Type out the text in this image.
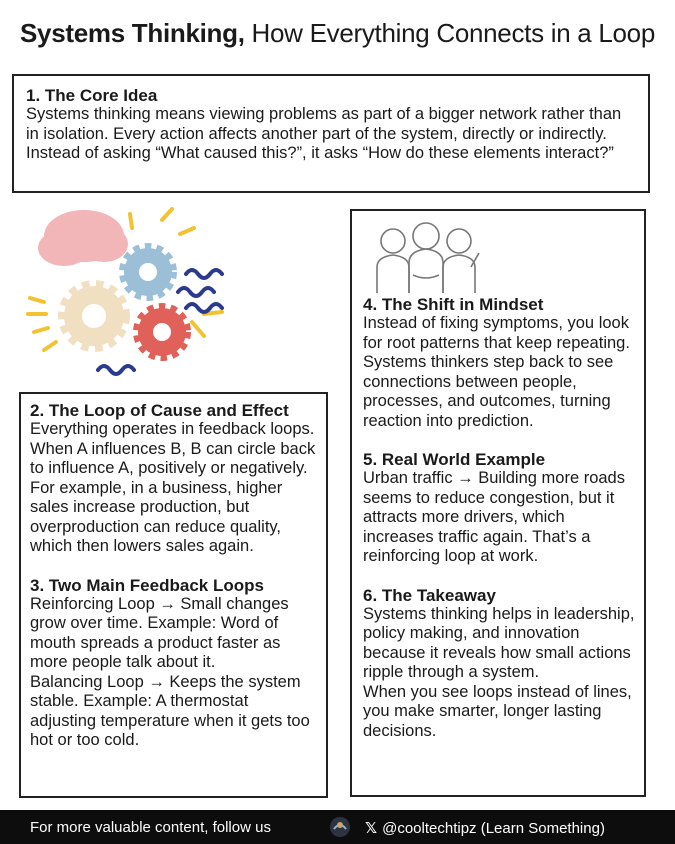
Systems Thinking, How Everything Connects in a Loop
1. The Core Idea

Systems thinking means viewing problems as part of a bigger network rather than in isolation. Every action affects another part of the system, directly or indirectly. Instead of asking “What caused this?”, it asks “How do these elements interact?”

2. The Loop of Cause and Effect

Everything operates in feedback loops.

When A influences B, B can circle back to influence A, positively or negatively. For example, in a business, higher sales increase production, but overproduction can reduce quality, which then lowers sales again.

3. Two Main Feedback Loops

Reinforcing Loop → Small changes grow over time. Example: Word of mouth spreads a product faster as more people talk about it.

Balancing Loop → Keeps the system stable. Example: A thermostat adjusting temperature when it gets too hot or too cold.

4. The Shift in Mindset

Instead of fixing symptoms, you look for root patterns that keep repeating. Systems thinkers step back to see connections between people, processes, and outcomes, turning reaction into prediction.

5. Real World Example

Urban traffic → Building more roads seems to reduce congestion, but it attracts more drivers, which increases traffic again. That’s a reinforcing loop at work.

6. The Takeaway

Systems thinking helps in leadership, policy making, and innovation because it reveals how small actions ripple through a system.

When you see loops instead of lines, you make smarter, longer lasting decisions.

For more valuable content, follow us	𝕏 @cooltechtipz (Learn Something)
